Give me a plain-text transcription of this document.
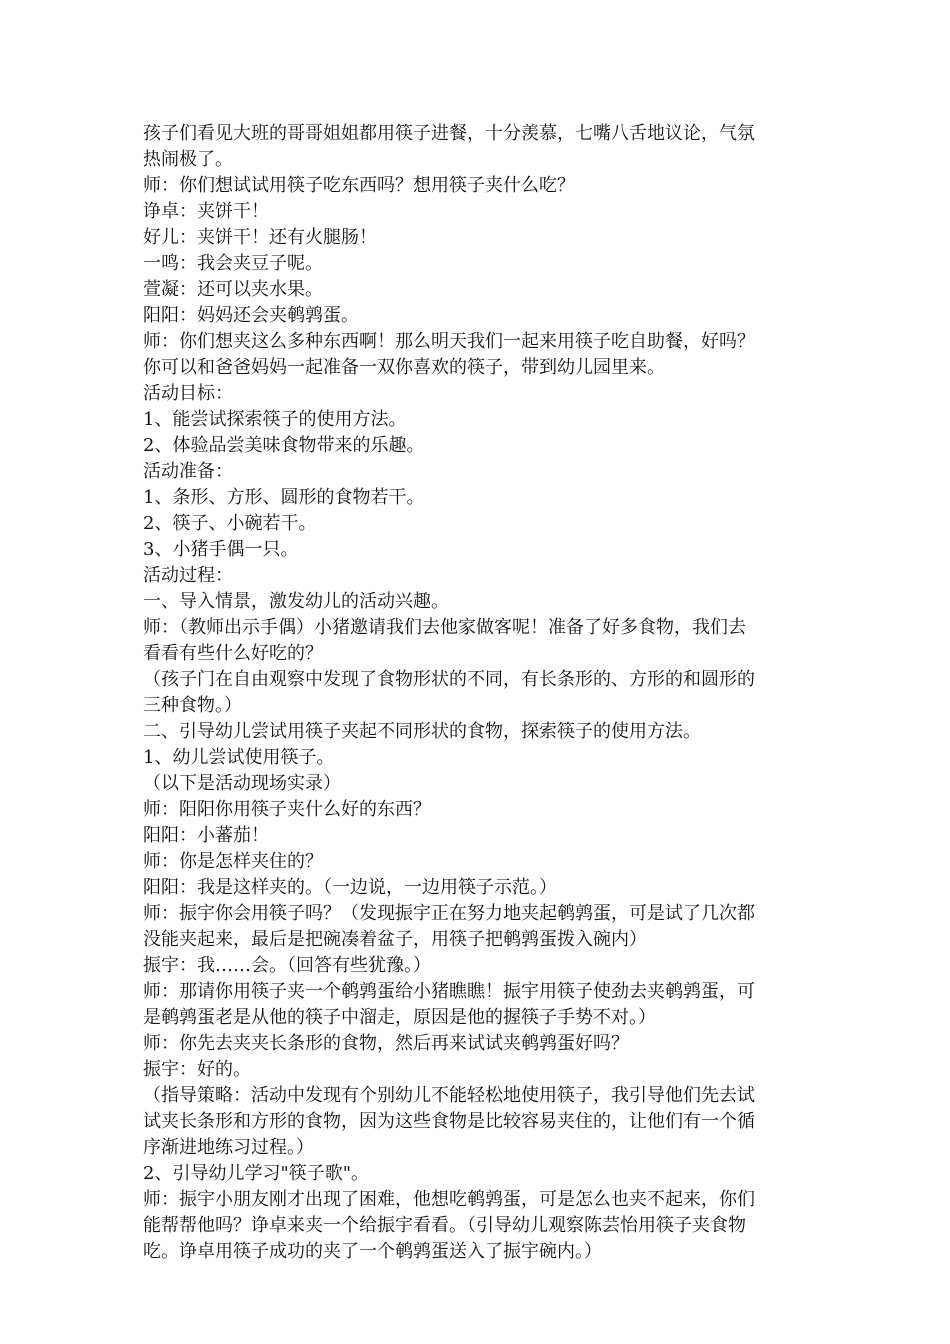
孩子们看见大班的哥哥姐姐都用筷子进餐，十分羡慕，七嘴八舌地议论，气氛
热闹极了。
师：你们想试试用筷子吃东西吗？想用筷子夹什么吃？
诤卓：夹饼干！
好儿：夹饼干！还有火腿肠！
一鸣：我会夹豆子呢。
萱凝：还可以夹水果。
阳阳：妈妈还会夹鹌鹑蛋。
师：你们想夹这么多种东西啊！那么明天我们一起来用筷子吃自助餐，好吗？
你可以和爸爸妈妈一起准备一双你喜欢的筷子，带到幼儿园里来。
活动目标：
1、能尝试探索筷子的使用方法。
2、体验品尝美味食物带来的乐趣。
活动准备：
1、条形、方形、圆形的食物若干。
2、筷子、小碗若干。
3、小猪手偶一只。
活动过程：
一、导入情景，激发幼儿的活动兴趣。
师：（教师出示手偶）小猪邀请我们去他家做客呢！准备了好多食物，我们去
看看有些什么好吃的？
（孩子门在自由观察中发现了食物形状的不同，有长条形的、方形的和圆形的
三种食物。）
二、引导幼儿尝试用筷子夹起不同形状的食物，探索筷子的使用方法。
1、幼儿尝试使用筷子。
（以下是活动现场实录）
师：阳阳你用筷子夹什么好的东西？
阳阳：小蕃茄！
师：你是怎样夹住的？
阳阳：我是这样夹的。（一边说，一边用筷子示范。）
师：振宇你会用筷子吗？（发现振宇正在努力地夹起鹌鹑蛋，可是试了几次都
没能夹起来，最后是把碗凑着盆子，用筷子把鹌鹑蛋拨入碗内）
振宇：我……会。（回答有些犹豫。）
师：那请你用筷子夹一个鹌鹑蛋给小猪瞧瞧！振宇用筷子使劲去夹鹌鹑蛋，可
是鹌鹑蛋老是从他的筷子中溜走，原因是他的握筷子手势不对。）
师：你先去夹夹长条形的食物，然后再来试试夹鹌鹑蛋好吗？
振宇：好的。
（指导策略：活动中发现有个别幼儿不能轻松地使用筷子，我引导他们先去试
试夹长条形和方形的食物，因为这些食物是比较容易夹住的，让他们有一个循
序渐进地练习过程。）
2、引导幼儿学习"筷子歌"。
师：振宇小朋友刚才出现了困难，他想吃鹌鹑蛋，可是怎么也夹不起来，你们
能帮帮他吗？诤卓来夹一个给振宇看看。（引导幼儿观察陈芸怡用筷子夹食物
吃。诤卓用筷子成功的夹了一个鹌鹑蛋送入了振宇碗内。）
